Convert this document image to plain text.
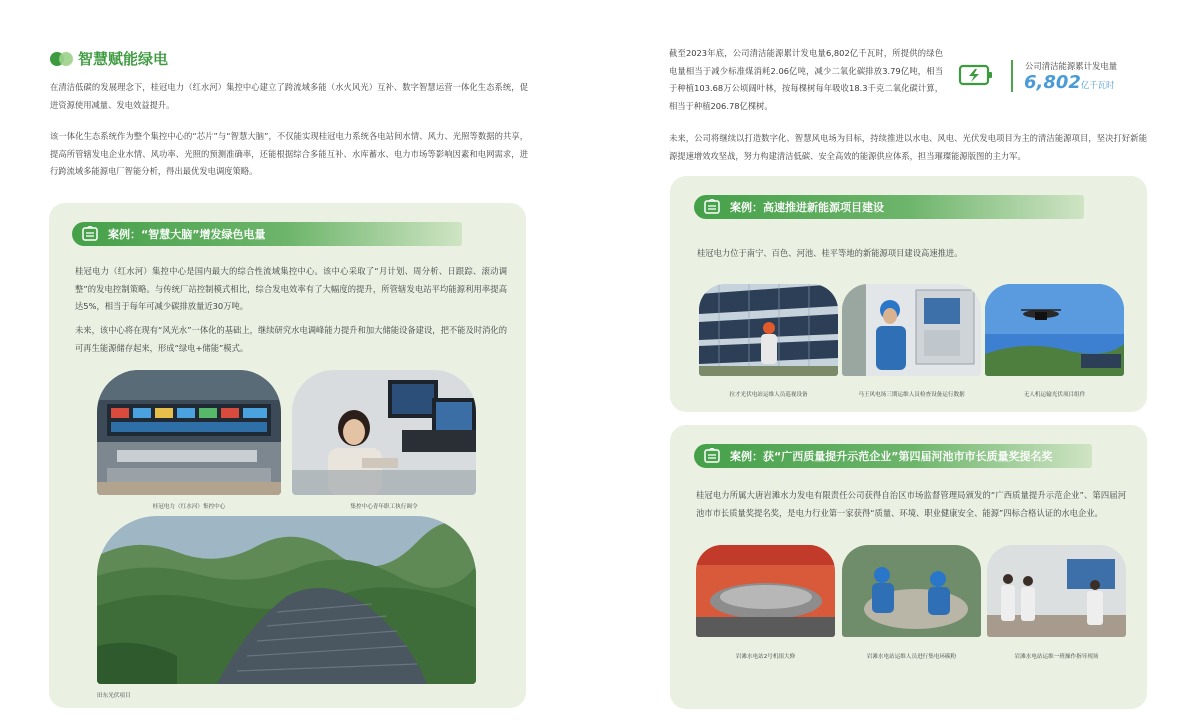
智慧赋能绿电

在清洁低碳的发展理念下，桂冠电力（红水河）集控中心建立了跨流域多能（水火风光）互补、数字智慧运营一体化生态系统，促进资源使用减量、发电效益提升。

该一体化生态系统作为整个集控中心的“芯片”与“智慧大脑”，不仅能实现桂冠电力系统各电站间水情、风力、光照等数据的共享，提高所管辖发电企业水情、风功率、光照的预测准确率，还能根据综合多能互补、水库蓄水、电力市场等影响因素和电网需求，进行跨流域多能源电厂智能分析，得出最优发电调度策略。

案例：“智慧大脑”增发绿色电量

桂冠电力（红水河）集控中心是国内最大的综合性流域集控中心。该中心采取了“月计划、周分析、日跟踪、滚动调整”的发电控制策略。与传统厂站控制模式相比，综合发电效率有了大幅度的提升，所管辖发电站平均能源利用率提高达5%，相当于每年可减少碳排放量近30万吨。

未来，该中心将在现有“风光水”一体化的基础上，继续研究水电调峰能力提升和加大储能设备建设，把不能及时消化的可再生能源储存起来，形成“绿电+储能”模式。

桂冠电力（红水河）集控中心	集控中心青年职工执行调令
田东光伏项目

截至2023年底，公司清洁能源累计发电量6,802亿千瓦时，所提供的绿色电量相当于减少标准煤消耗2.06亿吨，减少二氧化碳排放3.79亿吨，相当于种植103.68万公顷阔叶林，按每棵树每年吸收18.3千克二氧化碳计算，相当于种植206.78亿棵树。

公司清洁能源累计发电量
6,802亿千瓦时

未来，公司将继续以打造数字化、智慧风电场为目标，持续推进以水电、风电、光伏发电项目为主的清洁能源项目，坚决打好新能源提速增效攻坚战，努力构建清洁低碳、安全高效的能源供应体系，担当璀璨能源版图的主力军。

案例：高速推进新能源项目建设

桂冠电力位于南宁、百色、河池、桂平等地的新能源项目建设高速推进。

拉才光伏电站运维人员巡视设备	马王风电场三期运维人员检查设备运行数据	无人机运输光伏项目组件
案例：获“广西质量提升示范企业”第四届河池市市长质量奖提名奖

桂冠电力所属大唐岩滩水力发电有限责任公司获得自治区市场监督管理局颁发的“广西质量提升示范企业”、第四届河池市市长质量奖提名奖，是电力行业第一家获得“质量、环境、职业健康安全、能源”四标合格认证的水电企业。

岩滩水电站2号机组大修	岩滩水电站运维人员进行集电环碳粉	岩滩水电站运维一班操作指导现场
